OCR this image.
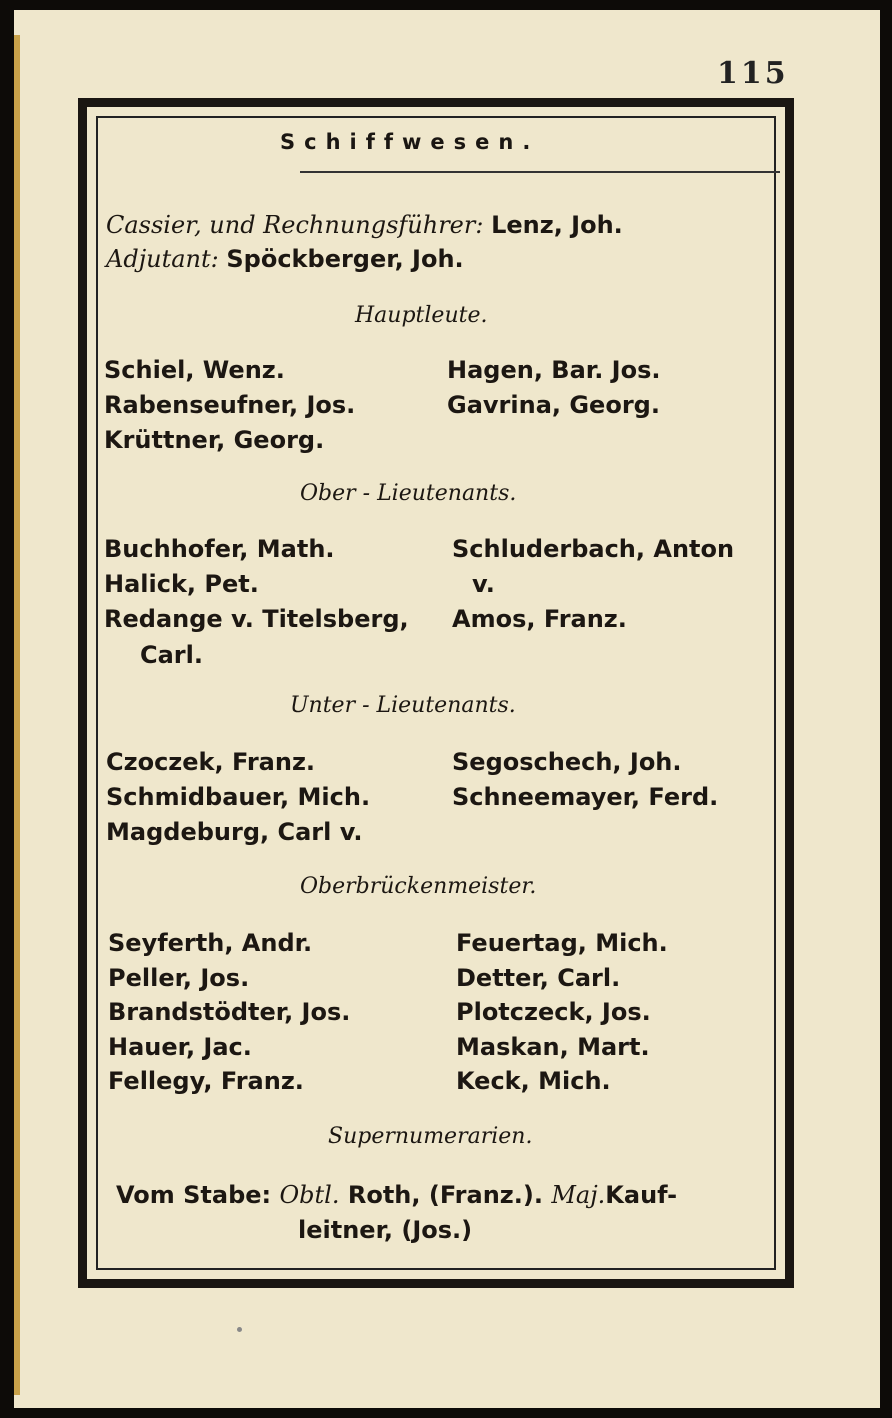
115
Schiffwesen.
Cassier, und Rechnungsführer: Lenz, Joh.
Adjutant: Spöckberger, Joh.
Hauptleute.
Schiel, Wenz.
Rabenseufner, Jos.
Krüttner, Georg.
Hagen, Bar. Jos.
Gavrina, Georg.
Ober - Lieutenants.
Buchhofer, Math.
Halick, Pet.
Redange v. Titelsberg,
Carl.
Schluderbach, Anton
v.
Amos, Franz.
Unter - Lieutenants.
Czoczek, Franz.
Schmidbauer, Mich.
Magdeburg, Carl v.
Segoschech, Joh.
Schneemayer, Ferd.
Oberbrückenmeister.
Seyferth, Andr.
Peller, Jos.
Brandstödter, Jos.
Hauer, Jac.
Fellegy, Franz.
Feuertag, Mich.
Detter, Carl.
Plotczeck, Jos.
Maskan, Mart.
Keck, Mich.
Supernumerarien.
Vom Stabe: Obtl. Roth, (Franz.). Maj.Kauf-
leitner, (Jos.)
